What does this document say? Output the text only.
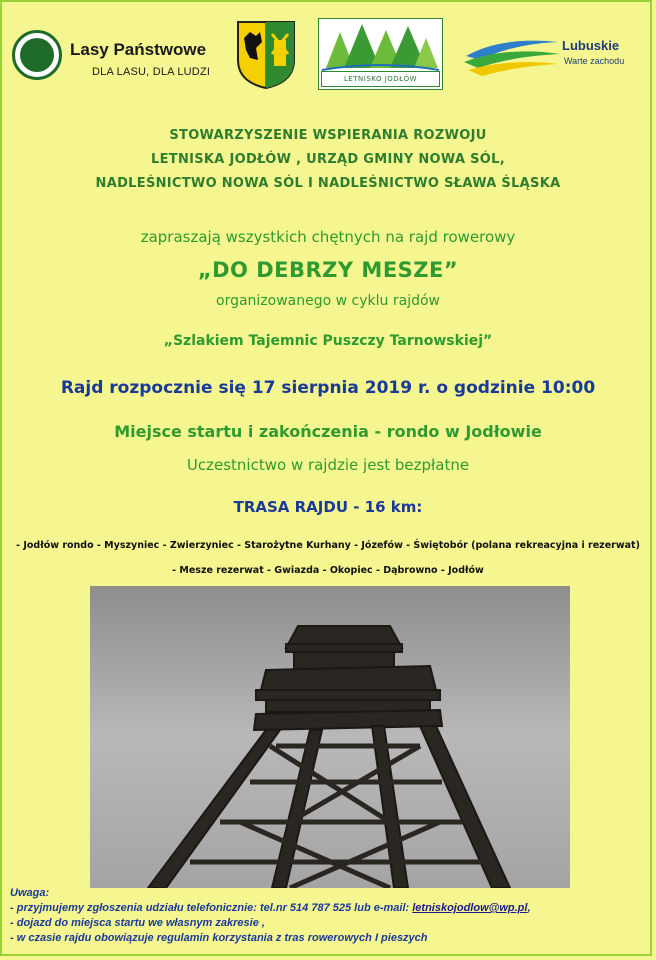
Lasy Państwowe
DLA LASU, DLA LUDZI
LETNISKO JODŁÓW
Lubuskie
Warte zachodu
STOWARZYSZENIE WSPIERANIA ROZWOJU
LETNISKA JODŁÓW , URZĄD GMINY NOWA SÓL,
NADLEŚNICTWO NOWA SÓL I NADLEŚNICTWO SŁAWA ŚLĄSKA
zapraszają wszystkich chętnych na rajd rowerowy
„DO DEBRZY MESZE”
organizowanego w cyklu rajdów
„Szlakiem Tajemnic Puszczy Tarnowskiej”
Rajd rozpocznie się 17 sierpnia 2019 r. o godzinie 10:00
Miejsce startu i zakończenia - rondo w Jodłowie
Uczestnictwo w rajdzie jest bezpłatne
TRASA RAJDU - 16 km:
- Jodłów rondo - Myszyniec - Zwierzyniec - Starożytne Kurhany - Józefów - Świętobór (polana rekreacyjna i rezerwat)
- Mesze rezerwat - Gwiazda - Okopiec - Dąbrowno - Jodłów
Uwaga:
- przyjmujemy zgłoszenia udziału telefonicznie: tel.nr 514 787 525 lub e-mail: letniskojodlow@wp.pl,
- dojazd do miejsca startu we własnym zakresie ,
- w czasie rajdu obowiązuje regulamin korzystania z tras rowerowych I pieszych
